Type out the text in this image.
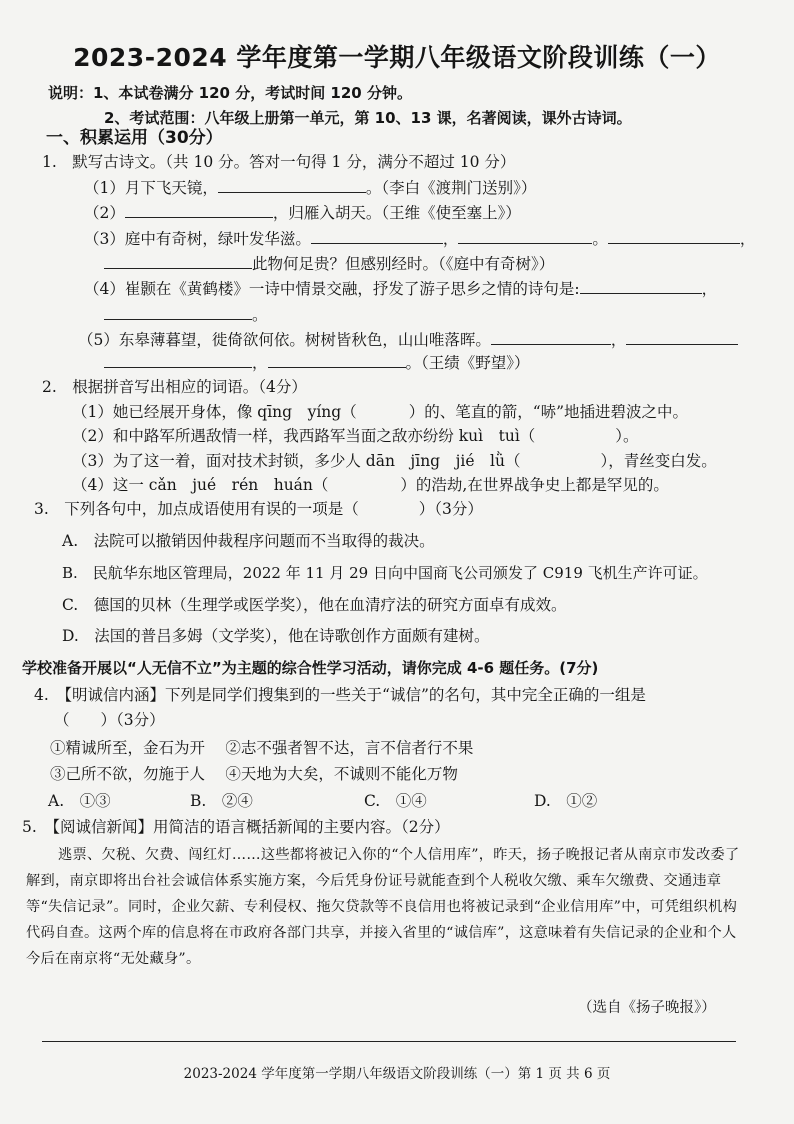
2023-2024 学年度第一学期八年级语文阶段训练（一）
说明：1、本试卷满分 120 分，考试时间 120 分钟。
2、考试范围：八年级上册第一单元，第 10、13 课，名著阅读，课外古诗词。
一、积累运用（30分）
1.　默写古诗文。（共 10 分。答对一句得 1 分，满分不超过 10 分）
（1）月下飞天镜，	。（李白《渡荆门送别》）
（2）	，归雁入胡天。（王维《使至塞上》）
（3）庭中有奇树，绿叶发华滋。	，	。	，
此物何足贵？但感别经时。（《庭中有奇树》）
（4）崔颢在《黄鹤楼》一诗中情景交融，抒发了游子思乡之情的诗句是:	，
。
（5）东皋薄暮望，徙倚欲何依。树树皆秋色，山山唯落晖。	，
，	。（王绩《野望》）
2.　根据拼音写出相应的词语。（4分）
（1）她已经展开身体，像 qīng　yíng（	）的、笔直的箭，“哧”地插进碧波之中。
（2）和中路军所遇敌情一样，我西路军当面之敌亦纷纷 kuì　tuì（	）。
（3）为了这一着，面对技术封锁，多少人 dān　jīng　jié　lǜ（	），青丝变白发。
（4）这一 cǎn　jué　rén　huán（	）的浩劫,在世界战争史上都是罕见的。
3.　下列各句中，加点成语使用有误的一项是（	）（3分）
A.　法院可以撤销因仲裁程序问题而不当取得的裁决。
B.　民航华东地区管理局，2022 年 11 月 29 日向中国商飞公司颁发了 C919 飞机生产许可证。
C.　德国的贝林（生理学或医学奖），他在血清疗法的研究方面卓有成效。
D.　法国的普吕多姆（文学奖），他在诗歌创作方面颇有建树。
学校准备开展以“人无信不立”为主题的综合性学习活动，请你完成 4-6 题任务。(7分)
4.　【明诚信内涵】下列是同学们搜集到的一些关于“诚信”的名句，其中完全正确的一组是
（　　）（3分）
①精诚所至，金石为开　 ②志不强者智不达，言不信者行不果
③己所不欲，勿施于人　 ④天地为大矣，不诚则不能化万物
A.　①③	B.　②④	C.　①④	D.　①②
5.　【阅诚信新闻】用简洁的语言概括新闻的主要内容。（2分）

逃票、欠税、欠费、闯红灯……这些都将被记入你的“个人信用库”，昨天，扬子晚报记者从南京市发改委了解到，南京即将出台社会诚信体系实施方案，今后凭身份证号就能查到个人税收欠缴、乘车欠缴费、交通违章等“失信记录”。同时，企业欠薪、专利侵权、拖欠贷款等不良信用也将被记录到“企业信用库”中，可凭组织机构代码自查。这两个库的信息将在市政府各部门共享，并接入省里的“诚信库”，这意味着有失信记录的企业和个人今后在南京将“无处藏身”。

（选自《扬子晚报》）
2023-2024 学年度第一学期八年级语文阶段训练（一）第 1 页 共 6 页
